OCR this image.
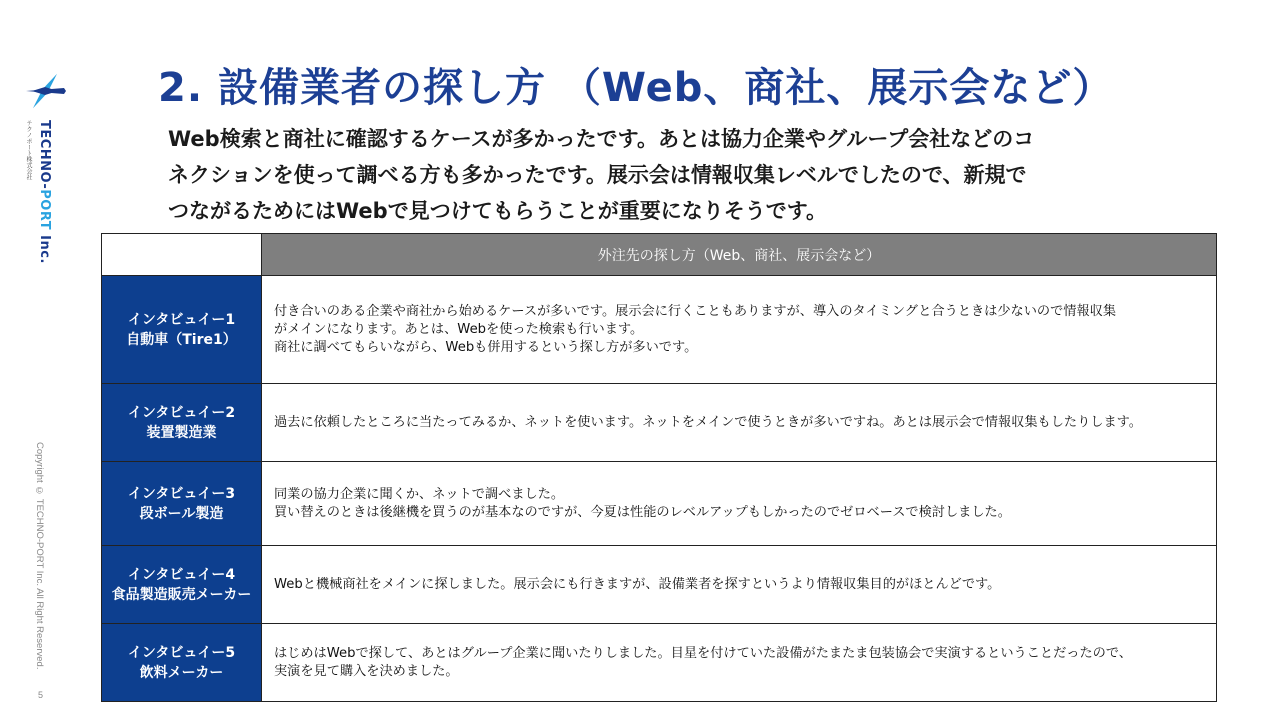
TECHNO-PORT Inc.
テクノポート株式会社
Copyright © TECHNO-PORT Inc. All Right Reserved.
5
2. 設備業者の探し方 （Web、商社、展示会など）

Web検索と商社に確認するケースが多かったです。あとは協力企業やグループ会社などのコ

ネクションを使って調べる方も多かったです。展示会は情報収集レベルでしたので、新規で

つながるためにはWebで見つけてもらうことが重要になりそうです。

	外注先の探し方（Web、商社、展示会など）

インタビュイー1
自動車（Tire1）	付き合いのある企業や商社から始めるケースが多いです。展示会に行くこともありますが、導入のタイミングと合うときは少ないので情報収集
がメインになります。あとは、Webを使った検索も行います。
商社に調べてもらいながら、Webも併用するという探し方が多いです。

インタビュイー2
装置製造業	過去に依頼したところに当たってみるか、ネットを使います。ネットをメインで使うときが多いですね。あとは展示会で情報収集もしたりします。

インタビュイー3
段ボール製造	同業の協力企業に聞くか、ネットで調べました。
買い替えのときは後継機を買うのが基本なのですが、今夏は性能のレベルアップもしかったのでゼロベースで検討しました。

インタビュイー4
食品製造販売メーカー	Webと機械商社をメインに探しました。展示会にも行きますが、設備業者を探すというより情報収集目的がほとんどです。

インタビュイー5
飲料メーカー	はじめはWebで探して、あとはグループ企業に聞いたりしました。目星を付けていた設備がたまたま包装協会で実演するということだったので、
実演を見て購入を決めました。
